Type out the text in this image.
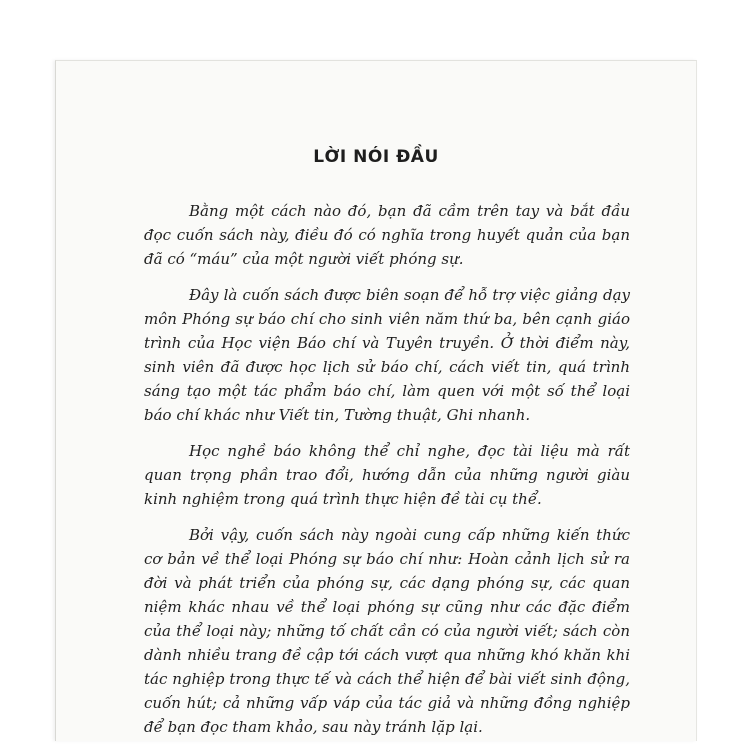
LỜI NÓI ĐẦU

Bằng một cách nào đó, bạn đã cầm trên tay và bắt đầu đọc cuốn sách này, điều đó có nghĩa trong huyết quản của bạn đã có “máu” của một người viết phóng sự.

Đây là cuốn sách được biên soạn để hỗ trợ việc giảng dạy môn Phóng sự báo chí cho sinh viên năm thứ ba, bên cạnh giáo trình của Học viện Báo chí và Tuyên truyền. Ở thời điểm này, sinh viên đã được học lịch sử báo chí, cách viết tin, quá trình sáng tạo một tác phẩm báo chí, làm quen với một số thể loại báo chí khác như Viết tin, Tường thuật, Ghi nhanh.

Học nghề báo không thể chỉ nghe, đọc tài liệu mà rất quan trọng phần trao đổi, hướng dẫn của những người giàu kinh nghiệm trong quá trình thực hiện đề tài cụ thể.

Bởi vậy, cuốn sách này ngoài cung cấp những kiến thức cơ bản về thể loại Phóng sự báo chí như: Hoàn cảnh lịch sử ra đời và phát triển của phóng sự, các dạng phóng sự, các quan niệm khác nhau về thể loại phóng sự cũng như các đặc điểm của thể loại này; những tố chất cần có của người viết; sách còn dành nhiều trang đề cập tới cách vượt qua những khó khăn khi tác nghiệp trong thực tế và cách thể hiện để bài viết sinh động, cuốn hút; cả những vấp váp của tác giả và những đồng nghiệp để bạn đọc tham khảo, sau này tránh lặp lại.
